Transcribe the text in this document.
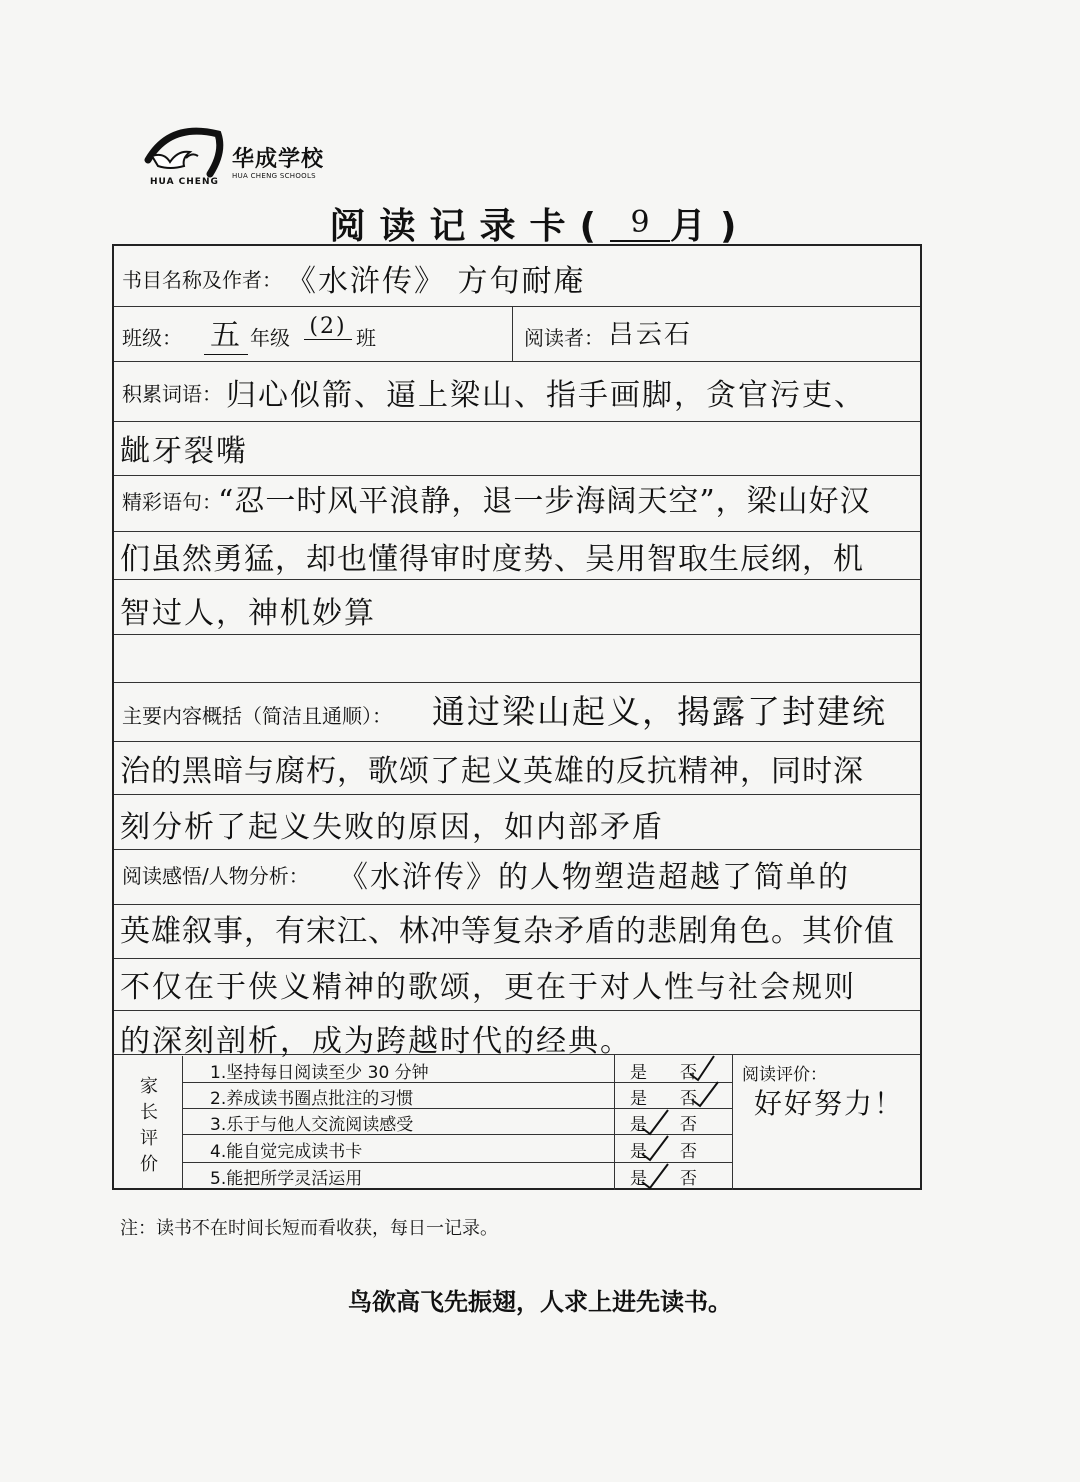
华成学校
HUA CHENG SCHOOLS
HUA CHENG
阅读记录卡( 9 月)
书目名称及作者： 《水浒传》 方句耐庵
班级： 五 年级 (2) 班	阅读者： 吕云石
积累词语： 归心似箭、逼上梁山、指手画脚，贪官污吏、
龇牙裂嘴
精彩语句：
“忍一时风平浪静，退一步海阔天空”，梁山好汉
们虽然勇猛，却也懂得审时度势、吴用智取生辰纲，机
智过人，神机妙算
主要内容概括（简洁且通顺）： 通过梁山起义，揭露了封建统
治的黑暗与腐朽，歌颂了起义英雄的反抗精神，同时深
刻分析了起义失败的原因，如内部矛盾
阅读感悟/人物分析： 《水浒传》的人物塑造超越了简单的
英雄叙事，有宋江、林冲等复杂矛盾的悲剧角色。其价值
不仅在于侠义精神的歌颂，更在于对人性与社会规则
的深刻剖析，成为跨越时代的经典。
家
长
评
价
1.坚持每日阅读至少 30 分钟
2.养成读书圈点批注的习惯
3.乐于与他人交流阅读感受
4.能自觉完成读书卡
5.能把所学灵活运用
是 否
是 否
是 否
是 否
是 否
阅读评价：
好好努力！
注：读书不在时间长短而看收获，每日一记录。
鸟欲高飞先振翅，人求上进先读书。
